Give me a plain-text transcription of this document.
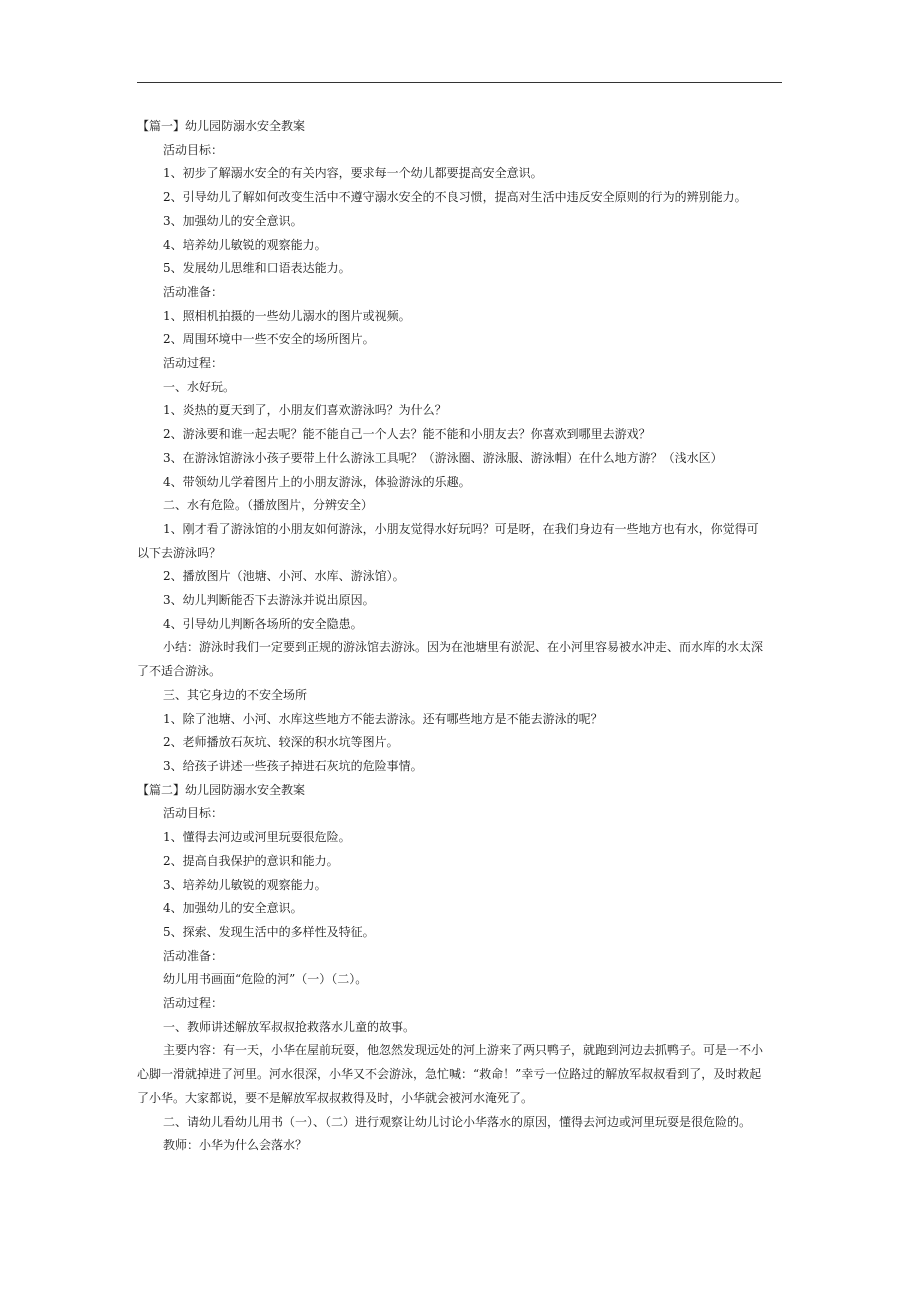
【篇一】幼儿园防溺水安全教案
活动目标：
1、初步了解溺水安全的有关内容，要求每一个幼儿都要提高安全意识。
2、引导幼儿了解如何改变生活中不遵守溺水安全的不良习惯，提高对生活中违反安全原则的行为的辨别能力。
3、加强幼儿的安全意识。
4、培养幼儿敏锐的观察能力。
5、发展幼儿思维和口语表达能力。
活动准备：
1、照相机拍摄的一些幼儿溺水的图片或视频。
2、周围环境中一些不安全的场所图片。
活动过程：
一、水好玩。
1、炎热的夏天到了，小朋友们喜欢游泳吗？为什么？
2、游泳要和谁一起去呢？能不能自己一个人去？能不能和小朋友去？你喜欢到哪里去游戏？
3、在游泳馆游泳小孩子要带上什么游泳工具呢？（游泳圈、游泳服、游泳帽）在什么地方游？（浅水区）
4、带领幼儿学着图片上的小朋友游泳，体验游泳的乐趣。
二、水有危险。（播放图片，分辨安全）
1、刚才看了游泳馆的小朋友如何游泳，小朋友觉得水好玩吗？可是呀，在我们身边有一些地方也有水，你觉得可
以下去游泳吗？
2、播放图片（池塘、小河、水库、游泳馆）。
3、幼儿判断能否下去游泳并说出原因。
4、引导幼儿判断各场所的安全隐患。
小结：游泳时我们一定要到正规的游泳馆去游泳。因为在池塘里有淤泥、在小河里容易被水冲走、而水库的水太深
了不适合游泳。
三、其它身边的不安全场所
1、除了池塘、小河、水库这些地方不能去游泳。还有哪些地方是不能去游泳的呢？
2、老师播放石灰坑、较深的积水坑等图片。
3、给孩子讲述一些孩子掉进石灰坑的危险事情。
【篇二】幼儿园防溺水安全教案
活动目标：
1、懂得去河边或河里玩耍很危险。
2、提高自我保护的意识和能力。
3、培养幼儿敏锐的观察能力。
4、加强幼儿的安全意识。
5、探索、发现生活中的多样性及特征。
活动准备：
幼儿用书画面“危险的河”（一）（二）。
活动过程：
一、教师讲述解放军叔叔抢救落水儿童的故事。
主要内容：有一天，小华在屋前玩耍，他忽然发现远处的河上游来了两只鸭子，就跑到河边去抓鸭子。可是一不小
心脚一滑就掉进了河里。河水很深，小华又不会游泳，急忙喊：“救命！”幸亏一位路过的解放军叔叔看到了，及时救起
了小华。大家都说，要不是解放军叔叔救得及时，小华就会被河水淹死了。
二、请幼儿看幼儿用书（一）、（二）进行观察让幼儿讨论小华落水的原因，懂得去河边或河里玩耍是很危险的。
教师：小华为什么会落水？
